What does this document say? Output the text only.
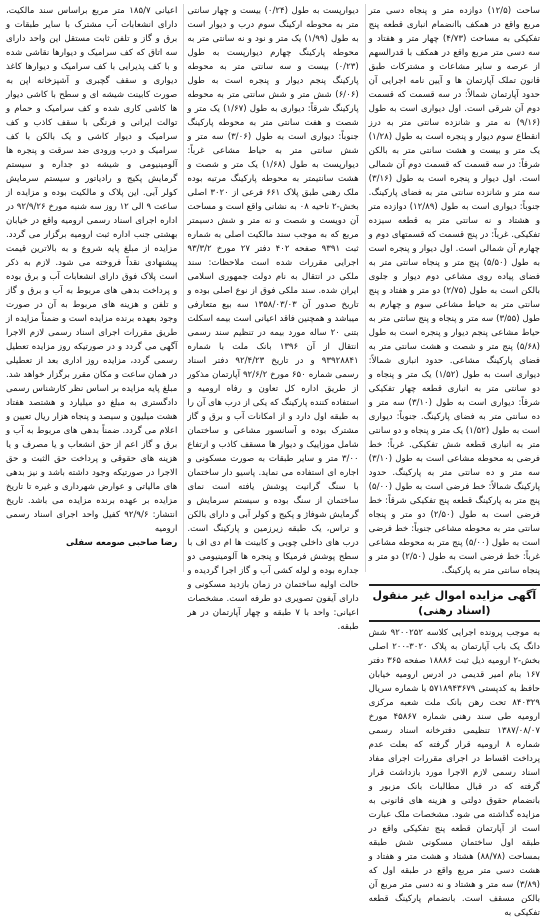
ساحت (۱۲/۵) دوازده متر و پنجاه دسی متر مربع واقع در همکف باانضمام انباری قطعه پنج تفکیکی به مساحت (۴/۷۳) چهار متر و هفتاد و سه دسی متر مربع واقع در همکف با قدرالسهم از عرصه و سایر مشاعات و مشترکات طبق قانون تملک آپارتمان ها و آیین نامه اجرایی آن حدود آپارتمان شمالاً: در سه قسمت که قسمت دوم آن شرقی است. اول دیواری است به طول (۹/۱۶) نه متر و شانزده سانتی متر به درز انقطاع سوم دیوار و پنجره است به طول (۱/۲۸) یک متر و بیست و هشت سانتی متر به بالکن شرقاً: در سه قسمت که قسمت دوم آن شمالی است. اول دیوار و پنجره است به طول (۳/۱۶) سه متر و شانزده سانتی متر به فضای پارکینگ. جنوباً: دیواری است به طول (۱۲/۸۹) دوازده متر و هشتاد و نه سانتی متر به قطعه سیزده تفکیکی. غرباً: در پنج قسمت که قسمتهای دوم و چهارم آن شمالی است. اول دیوار و پنجره است به طول (۵/۵۰) پنج متر و پنجاه سانتی متر به فضای پیاده روی مشاعی دوم دیوار و جلوی بالکن است به طول (۲/۷۵) دو متر و هفتاد و پنج سانتی متر به حیاط مشاعی سوم و چهارم به طول (۳/۵۵) سه متر و پنجاه و پنج سانتی متر به حیاط مشاعی پنجم دیوار و پنجره است به طول (۵/۶۸) پنج متر و شصت و هشت سانتی متر به فضای پارکینگ مشاعی. حدود انباری شمالاً: دیواری است به طول (۱/۵۲) یک متر و پنجاه و دو سانتی متر به انباری قطعه چهار تفکیکی شرقاً: دیواری است به طول (۳/۱۰) سه متر و ده سانتی متر به فضای پارکینگ. جنوباً: دیواری است به طول (۱/۵۲) یک متر و پنجاه و دو سانتی متر به انباری قطعه شش تفکیکی. غرباً: خط فرضی به محوطه مشاعی است به طول (۳/۱۰) سه متر و ده سانتی متر به پارکینگ. حدود پارکینگ شمالاً: خط فرضی است به طول (۵/۰۰) پنج متر به پارکینگ قطعه پنج تفکیکی شرقاً: خط فرضی است به طول (۲/۵۰) دو متر و پنجاه سانتی متر به محوطه مشاعی جنوباً: خط فرضی است به طول (۵/۰۰) پنج متر به محوطه مشاعی غرباً: خط فرضی است به طول (۲/۵۰) دو متر و پنجاه سانتی متر به پارکینگ.

آگهی مزایده اموال غیر منقول (اسناد رهنی)

به موجب پرونده اجرایی کلاسه ۹۲۰۰۲۵۲ شش دانگ یک باب آپارتمان به پلاک ۳۰۲۰-۲۰۰ اصلی بخش-۲ ارومیه ذیل ثبت ۱۸۸۸۶ صفحه ۳۶۵ دفتر ۱۶۷ بنام امیر قدیمی در ادرس ارومیه خیابان حافظ به کدپستی ۵۷۱۸۹۴۳۶۷۹ با شماره سریال ۸۴۰۳۲۹ تحت رهن بانک ملت شعبه مرکزی ارومیه طی سند رهنی شماره ۴۵۸۶۷ مورخ ۱۳۸۷/۰۸/۰۷ تنظیمی دفترخانه اسناد رسمی شماره ۸ ارومیه قرار گرفته که بعلت عدم پرداخت اقساط در اجرای مقررات اجرای مفاد اسناد رسمی لازم الاجرا مورد بازداشت قرار گرفته که در قبال مطالبات بانک مزبور و بانضمام حقوق دولتی و هزینه های قانونی به مزایده گذاشته می شود. مشخصات ملک عبارت است از آپارتمان قطعه پنج تفکیکی واقع در طبقه اول ساختمان مسکونی شش طبقه بمساحت (۸۸/۷۸) هشتاد و هشت متر و هفتاد و هشت دسی متر مربع واقع در طبقه اول که (۳/۸۹) سه متر و هشتاد و نه دسی متر مربع آن بالکن مسقف است. بانضمام پارکینگ قطعه تفکیکی به

دیوارپست به طول (۰/۲۴) بیست و چهار سانتی متر به محوطه ارکینگ سوم درب و دیوار است به طول (۱/۹۹) یک متر و نود و نه سانتی متر به محوطه پارکینگ چهارم دیوارپست به طول (۰/۲۳) بیست و سه سانتی متر به محوطه پارکینگ پنجم دیوار و پنجره است به طول (۶/۰۶) شش متر و شش سانتی متر به محوطه پارکینگ شرقاً: دیواری به طول (۱/۶۷) یک متر و شصت و هفت سانتی متر به محوطه پارکینگ جنوباً: دیواری است به طول (۳/۰۶) سه متر و شش سانتی متر به حیاط مشاعی غرباً: دیوارپست به طول (۱/۶۸) یک متر و شصت و هشت سانتیمتر به محوطه پارکینگ مرتبه بوده ملک رهنی طبق پلاک ۶۶۱ فرعی از ۳۰۲۰ اصلی بخش-۲ ناحیه ۰۸ به نشانی واقع است و مساحت آن دویست و شصت و نه متر و شش دسیمتر مربع که به موجب سند مالکیت اصلی به شماره ثبت ۹۳۹۱ صفحه ۴۰۲ دفتر ۲۷ مورخ ۹۳/۳/۲ اجرایی مقررات شده است ملاحظات: سند ملکی در انتقال به نام دولت جمهوری اسلامی ایران شده. سند ملکی فوق از نوع اصلی بوده و تاریخ صدور آن ۱۳۵۸/۰۳/۰۳ سه بیع متعارفی میباشد و همچنین فاقد اعیانی است بیمه اسکلت بتنی ۲۰ ساله مورد بیمه در تنظیم سند رسمی انتقال از آن ۱۳۹۶ بانک ملت با شماره ۹۳۹۲۸۸۴۱ و در تاریخ ۹۲/۴/۲۳ دفتر اسناد رسمی شماره ۶۵۰ مورخ ۹۲/۶/۲ آپارتمان مذکور از طریق اداره کل تعاون و رفاه ارومیه و استفاده کننده پارکینگ که یکی از درب های آن را به طبقه اول دارد و از امکانات آب و برق و گاز مشترک بوده و آسانسور مشاعی و ساختمان شامل موزاییک و دیوار ها مسقف کاذب و ارتفاع ۳/۰۰ متر و سایر طبقات به صورت مسکونی و اجاره ای استفاده می نماید. پاسیو دار ساختمان با سنگ گرانیت پوشش یافته است نمای ساختمان از سنگ بوده و سیستم سرمایش و گرمایش شوفاژ و پکیج و کولر آبی و دارای بالکن و تراس، یک طبقه زیرزمین و پارکینگ است. درب های داخلی چوبی و کابینت ها ام دی اف با سطح پوشش فرمیکا و پنجره ها آلومینیومی دو جداره بوده و لوله کشی آب و گاز اجرا گردیده و حالت اولیه ساختمان در زمان بازدید مسکونی و دارای آیفون تصویری دو طرفه است. مشخصات اعیانی: واحد با ۷ طبقه و چهار آپارتمان در هر طبقه.

اعیانی ۱۸۵/۷ متر مربع براساس سند مالکیت، دارای انشعابات آب مشترک با سایر طبقات و برق و گاز و تلفن ثابت مستقل این واحد دارای سه اتاق که کف سرامیک و دیوارها نقاشی شده و با کف پذیرایی با کف سرامیک و دیوارها کاغذ دیواری و سقف گچبری و آشپزخانه اپن به صورت کابینت شیشه ای و سطح با کاشی دیوار ها کاشی کاری شده و کف سرامیک و حمام و توالت ایرانی و فرنگی با سقف کاذب و کف سرامیک و دیوار کاشی و یک بالکن با کف سرامیک و درب ورودی ضد سرقت و پنجره ها آلومینیومی و شیشه دو جداره و سیستم گرمایش پکیج و رادیاتور و سیستم سرمایش کولر آبی. این پلاک و مالکیت بوده و مزایده از ساعت ۹ الی ۱۲ روز سه شنبه مورخ ۹۲/۹/۲۶ در اداره اجرای اسناد رسمی ارومیه واقع در خیابان بهشتی جنب اداره ثبت ارومیه برگزار می گردد. مزایده از مبلغ پایه شروع و به بالاترین قیمت پیشنهادی نقداً فروخته می شود. لازم به ذکر است پلاک فوق دارای انشعابات آب و برق بوده و پرداخت بدهی های مربوط به آب و برق و گاز و تلفن و هزینه های مربوط به آن در صورت وجود بعهده برنده مزایده است و ضمناً مزایده از طریق مقررات اجرای اسناد رسمی لازم الاجرا آگهی می گردد و در صورتیکه روز مزایده تعطیل رسمی گردد، مزایده روز اداری بعد از تعطیلی در همان ساعت و مکان مقرر برگزار خواهد شد. مبلغ پایه مزایده بر اساس نظر کارشناس رسمی دادگستری به مبلغ دو میلیارد و هشتصد هفتاد هشت میلیون و سیصد و پنجاه هزار ریال تعیین و اعلام می گردد. ضمناً بدهی های مربوط به آب و برق و گاز اعم از حق انشعاب و یا مصرف و یا هزینه های حقوقی و پرداخت حق الثبت و حق الاجرا در صورتیکه وجود داشته باشد و نیز بدهی های مالیاتی و عوارض شهرداری و غیره تا تاریخ مزایده بر عهده برنده مزایده می باشد. تاریخ انتشار: ۹۲/۹/۶ کفیل واحد اجرای اسناد رسمی ارومیه

رضا صاحبی صومعه سفلی
